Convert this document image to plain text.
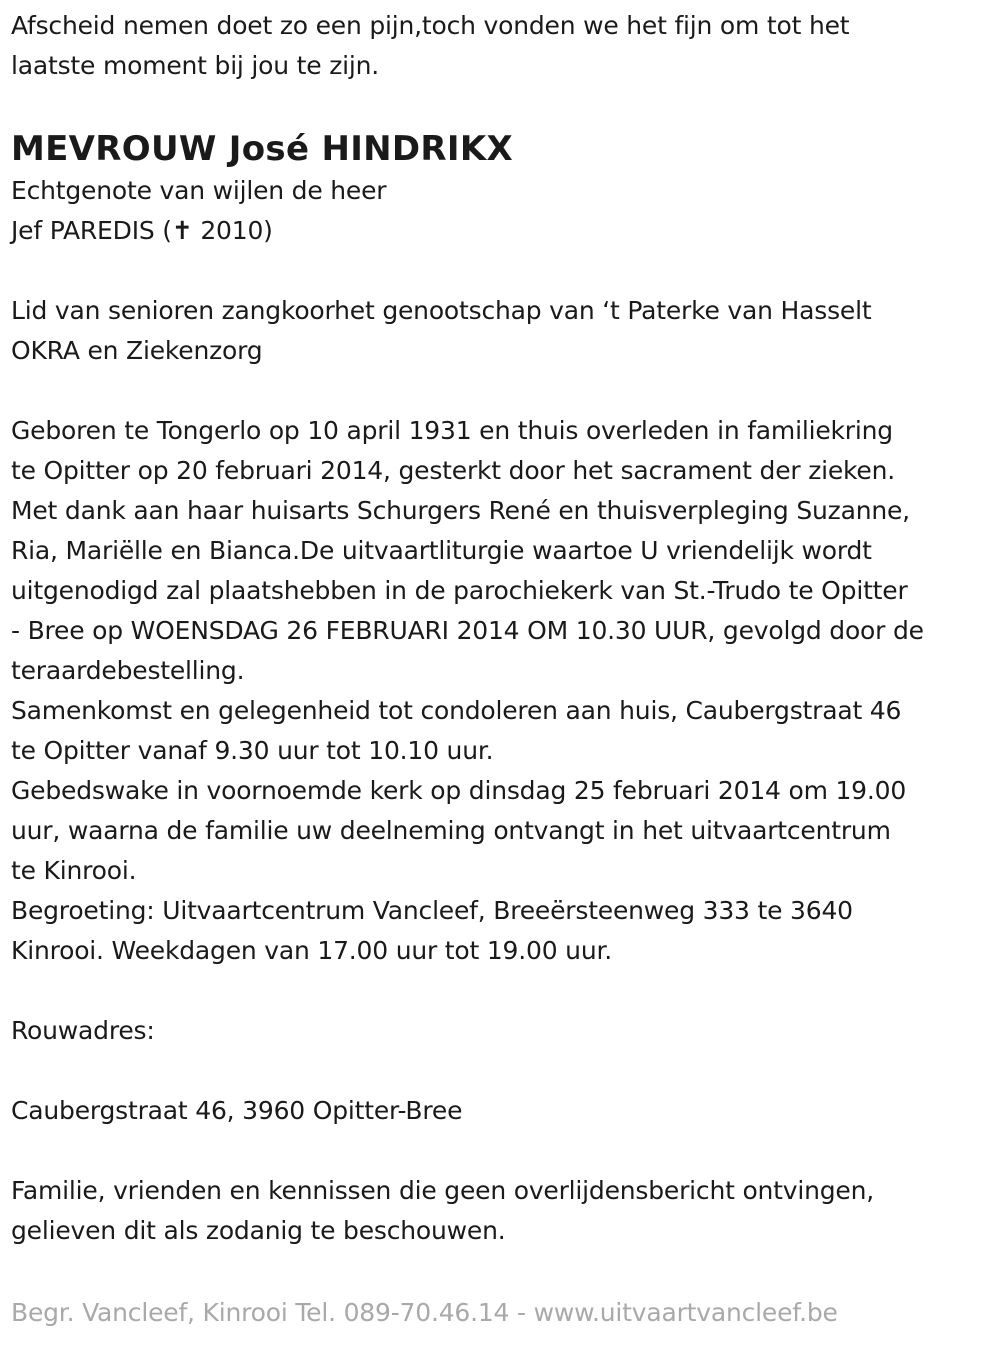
Afscheid nemen doet zo een pijn,toch vonden we het fijn om tot het
laatste moment bij jou te zijn.
MEVROUW José HINDRIKX
Echtgenote van wijlen de heer
Jef PAREDIS (✝ 2010)
Lid van senioren zangkoorhet genootschap van ‘t Paterke van Hasselt
OKRA en Ziekenzorg
Geboren te Tongerlo op 10 april 1931 en thuis overleden in familiekring
te Opitter op 20 februari 2014, gesterkt door het sacrament der zieken.
Met dank aan haar huisarts Schurgers René en thuisverpleging Suzanne,
Ria, Mariëlle en Bianca.De uitvaartliturgie waartoe U vriendelijk wordt
uitgenodigd zal plaatshebben in de parochiekerk van St.-Trudo te Opitter
- Bree op WOENSDAG 26 FEBRUARI 2014 OM 10.30 UUR, gevolgd door de
teraardebestelling.
Samenkomst en gelegenheid tot condoleren aan huis, Caubergstraat 46
te Opitter vanaf 9.30 uur tot 10.10 uur.
Gebedswake in voornoemde kerk op dinsdag 25 februari 2014 om 19.00
uur, waarna de familie uw deelneming ontvangt in het uitvaartcentrum
te Kinrooi.
Begroeting: Uitvaartcentrum Vancleef, Breeërsteenweg 333 te 3640
Kinrooi. Weekdagen van 17.00 uur tot 19.00 uur.
Rouwadres:
Caubergstraat 46, 3960 Opitter-Bree
Familie, vrienden en kennissen die geen overlijdensbericht ontvingen,
gelieven dit als zodanig te beschouwen.
Begr. Vancleef, Kinrooi Tel. 089-70.46.14 - www.uitvaartvancleef.be
